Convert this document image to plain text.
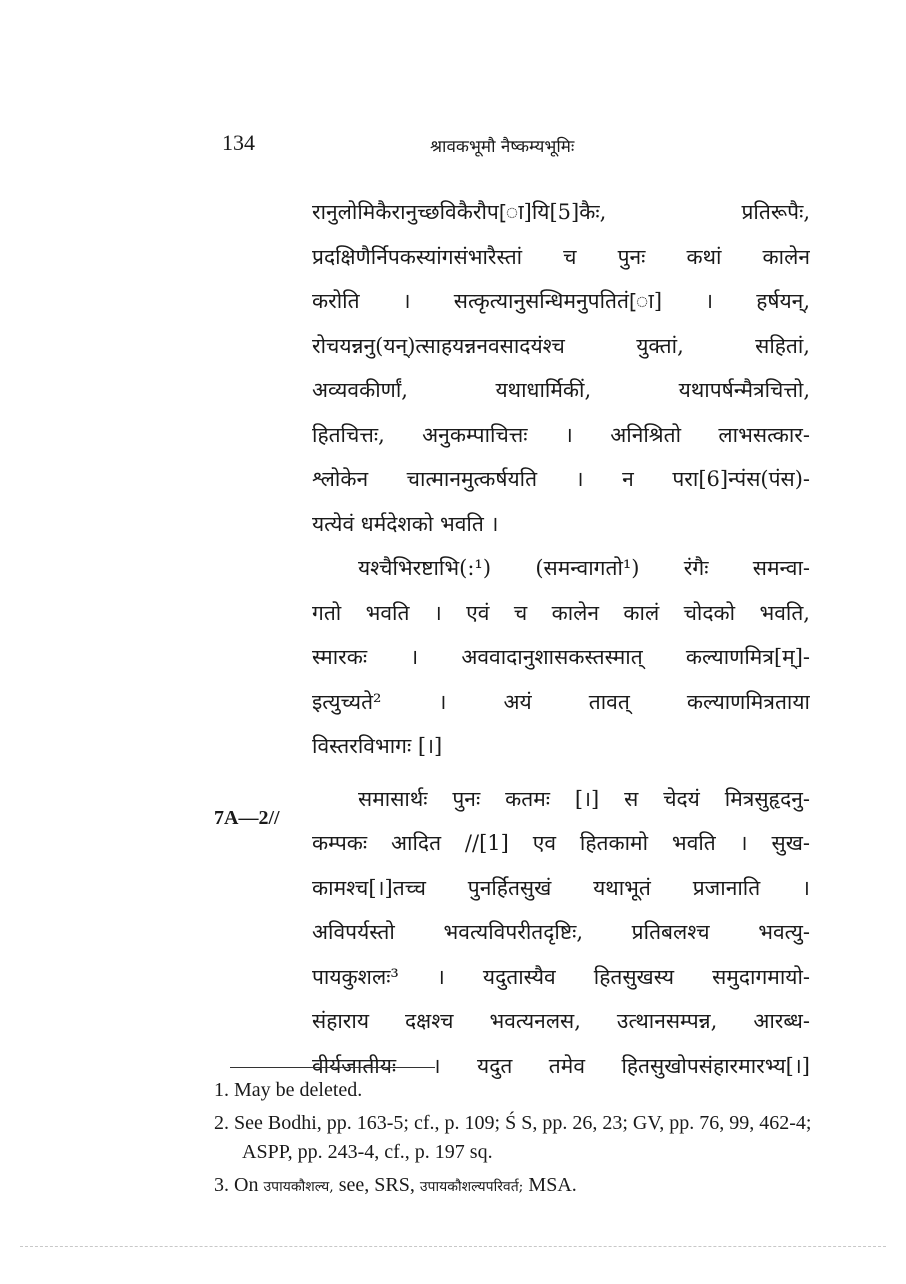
134	श्रावकभूमौ नैष्कम्यभूमिः
रानुलोमिकैरानुच्छविकैरौप[ा]यि[5]कैः, प्रतिरूपैः,
प्रदक्षिणैर्निपकस्यांगसंभारैस्तां च पुनः कथां कालेन
करोति । सत्कृत्यानुसन्धिमनुपतितं[ा] । हर्षयन्,
रोचयन्ननु(यन्‌)त्साहयन्ननवसादयंश्च युक्तां, सहितां,
अव्यवकीर्णां, यथाधार्मिकीं, यथापर्षन्मैत्रचित्तो,
हितचित्तः, अनुकम्पाचित्तः । अनिश्रितो लाभसत्कार-
श्लोकेन चात्मानमुत्कर्षयति । न परा[6]न्पंस(पंस)-
यत्येवं धर्मदेशको भवति ।
यश्चैभिरष्टाभि(:¹) (समन्वागतो¹) रंगैः समन्वा-
गतो भवति । एवं च कालेन कालं चोदको भवति,
स्मारकः । अववादानुशासकस्तस्मात् कल्याणमित्र[म्]-
इत्युच्यते² । अयं तावत् कल्याणमित्रताया
विस्तरविभागः [।]
समासार्थः पुनः कतमः [।] स चेदयं मित्रसुहृदनु-
कम्पकः आदित //[1] एव हितकामो भवति । सुख-
कामश्च[।]तच्च पुनर्हितसुखं यथाभूतं प्रजानाति ।
अविपर्यस्तो भवत्यविपरीतदृष्टिः, प्रतिबलश्च भवत्यु-
पायकुशलः³ । यदुतास्यैव हितसुखस्य समुदागमायो-
संहाराय दक्षश्च भवत्यनलस, उत्थानसम्पन्न, आरब्ध-
वीर्यजातीयः । यदुत तमेव हितसुखोपसंहारमारभ्य[।]
7A—2//
1. May be deleted.
2. See Bodhi, pp. 163-5; cf., p. 109; Ś S, pp. 26, 23; GV, pp. 76, 99, 462-4; ASPP, pp. 243-4, cf., p. 197 sq.
3. On उपायकौशल्य, see, SRS, उपायकौशल्यपरिवर्त; MSA.
